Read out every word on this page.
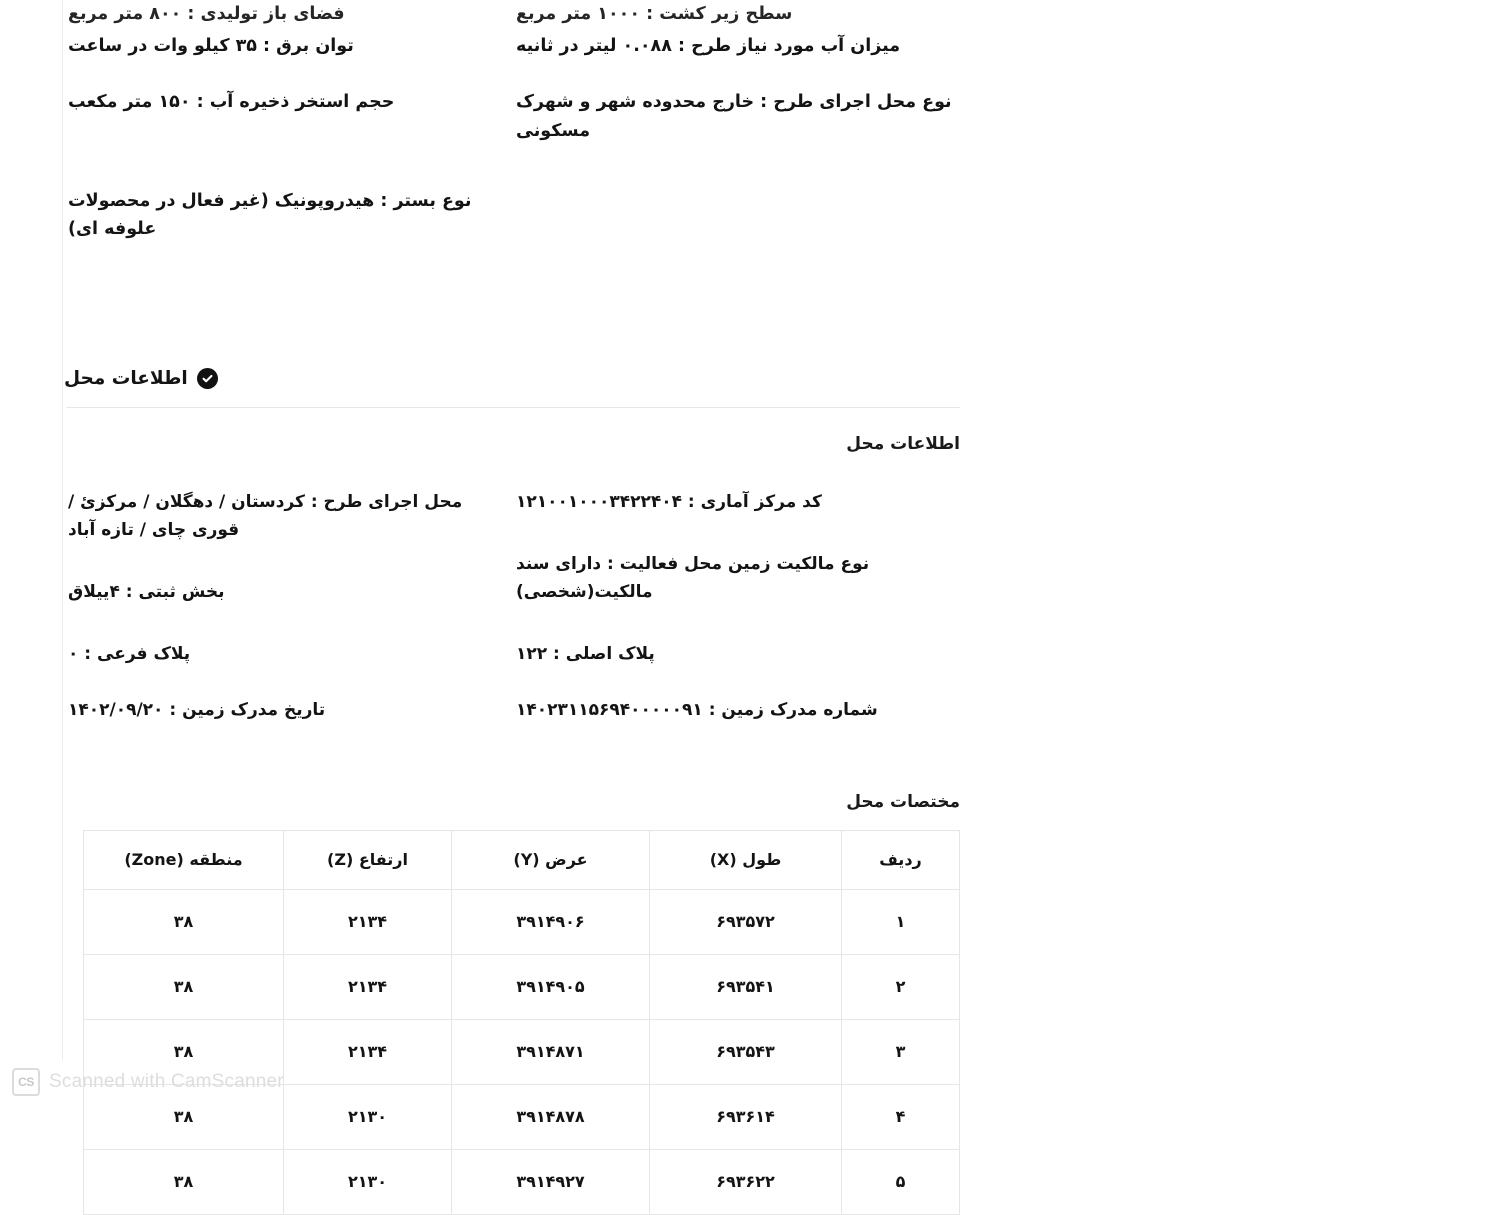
سطح زیر کشت : ۱۰۰۰ متر مربع

فضای باز تولیدی : ۸۰۰ متر مربع

میزان آب مورد نیاز طرح : ۰.۰۸۸ لیتر در ثانیه

توان برق : ۳۵ کیلو وات در ساعت

نوع محل اجرای طرح : خارج محدوده شهر و شهرک مسکونی

حجم استخر ذخیره آب : ۱۵۰ متر مکعب

نوع بستر : هیدروپونیک (غیر فعال در محصولات علوفه ای)

اطلاعات محل
اطلاعات محل

کد مرکز آماری : ۱۲۱۰۰۱۰۰۰۳۴۲۲۴۰۴

نوع مالکیت زمین محل فعالیت : دارای سند مالکیت(شخصی)

پلاک اصلی : ۱۲۲

شماره مدرک زمین : ۱۴۰۲۳۱۱۵۶۹۴۰۰۰۰۰۹۱

محل اجرای طرح : کردستان / دهگلان / مرکزئ / قوری چای / تازه آباد

بخش ثبتی : ۴ییلاق

پلاک فرعی : ۰

تاریخ مدرک زمین : ۱۴۰۲/۰۹/۲۰

مختصات محل
ردیف	طول (X)	عرض (Y)	ارتفاع (Z)	منطقه (Zone)
۱	۶۹۳۵۷۲	۳۹۱۴۹۰۶	۲۱۳۴	۳۸
۲	۶۹۳۵۴۱	۳۹۱۴۹۰۵	۲۱۳۴	۳۸
۳	۶۹۳۵۴۳	۳۹۱۴۸۷۱	۲۱۳۴	۳۸
۴	۶۹۳۶۱۴	۳۹۱۴۸۷۸	۲۱۳۰	۳۸
۵	۶۹۳۶۲۲	۳۹۱۴۹۲۷	۲۱۳۰	۳۸
CS Scanned with CamScanner
